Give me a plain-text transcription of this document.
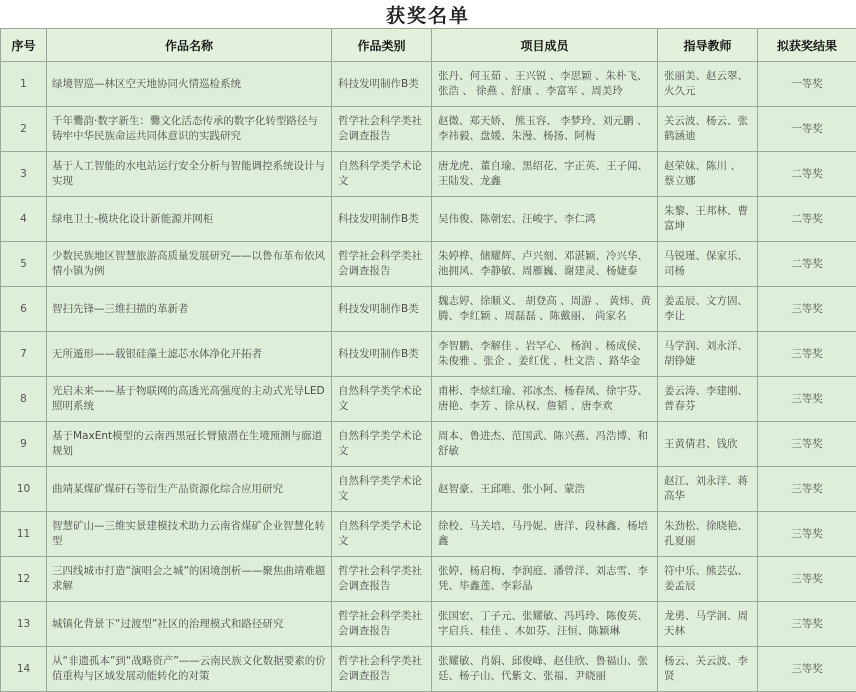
获奖名单
序号	作品名称	作品类别	项目成员	指导教师	拟获奖结果
1	绿境智巡—林区空天地协同火情巡检系统	科技发明制作B类	张丹、何玉茹 、王兴锐 、李思颖 、朱朴飞、张浩 、 徐燕 、舒康 、李富军 、周美玲	张丽美、赵云翠、火久元	一等奖
2	千年爨韵·数字新生：爨文化活态传承的数字化转型路径与铸牢中华民族命运共同体意识的实践研究	哲学社会科学类社会调查报告	赵微、郑天娇、 熊玉容、 李梦玲、刘元鹏 、李祎毅、盘媛、朱漫、杨扬、阿梅	关云波、杨云、张鹤涵迪	一等奖
3	基于人工智能的水电站运行安全分析与智能调控系统设计与实现	自然科学类学术论文	唐龙虎、董自瑜、黑绍花、字正英、王子闻、王陆发、龙鑫	赵荣妹、陈川 、 蔡立娜	二等奖
4	绿电卫士-模块化设计新能源并网柜	科技发明制作B类	吴伟俊、陈朝宏、汪峻宇、李仁鸿	朱黎、王邦林、曹富坤	二等奖
5	少数民族地区智慧旅游高质量发展研究——以鲁布革布依风情小镇为例	哲学社会科学类社会调查报告	朱婷桦、储耀辉、卢兴刻、邓湛颖、冷兴华、池拥风、李静敏、周雁巍、谢建灵、杨婕泰	马锐瑾、保家乐、司杨	二等奖
6	智扫先锋—三维扫描的革新者	科技发明制作B类	魏志婷、徐顺义、 胡登高 、周游 、 黄炜、黄腾、李红颖 、周磊磊 、陈戴丽、 尚家名	姜孟辰、文方固、李让	三等奖
7	无所遁形——载银硅藻土滤芯水体净化开拓者	科技发明制作B类	李智鹏、李解佳 、岩罕心、 杨润 、杨成侯、朱俊雅 、张企 、姜红优 、杜文浩 、路华金	马学润、刘永洋、胡铮婕	三等奖
8	光启未来——基于物联网的高透光高强度的主动式光导LED照明系统	自然科学类学术论文	甫彬、李炫红瑜、祁冰杰、杨春凤、徐宇芬、唐艳、李芳 、徐从权、詹韬 、唐李欢	姜云涛、李建刚、普春芬	三等奖
9	基于MaxEnt模型的云南西黑冠长臂猿潜在生境预测与廊道规划	自然科学类学术论文	周本、鲁进杰、范国武、陈兴燕、冯浩博、和舒敏	王黄倩君、钱欣	三等奖
10	曲靖某煤矿煤矸石等衍生产品资源化综合应用研究	自然科学类学术论文	赵智豪、王邱唯、张小阿、蒙浩	赵江、刘永洋、蒋高华	三等奖
11	智慧矿山—三维实景建模技术助力云南省煤矿企业智慧化转型	自然科学类学术论文	徐校、马关培、马丹妮、唐洋、段林鑫、杨培鑫	朱劲松、徐晓艳、孔夏丽	三等奖
12	三四线城市打造“演唱会之城”的困境剖析——聚焦曲靖难题求解	哲学社会科学类社会调查报告	张婷、杨启梅、李润庭、潘曾洋、刘志雪、李凭、毕鑫莲、李彩晶	符中乐、熊芸弘、姜孟辰	三等奖
13	城镇化背景下“过渡型”社区的治理模式和路径研究	哲学社会科学类社会调查报告	张国宏、丁子元、张耀敏、冯玛玲、陈俊英、字启兵、桂佳 、木如芬、汪恒、陈颖琳	龙勇、马学润、周天林	三等奖
14	从“非遗孤本”到“战略资产”——云南民族文化数据要素的价值重构与区域发展动能转化的对策	哲学社会科学类社会调查报告	张耀敏、肖娟、邱俊峰、赵佳欣、鲁福山、张廷、杨子山、代紫文、张福、尹晓丽	杨云、关云波、李贤	三等奖
